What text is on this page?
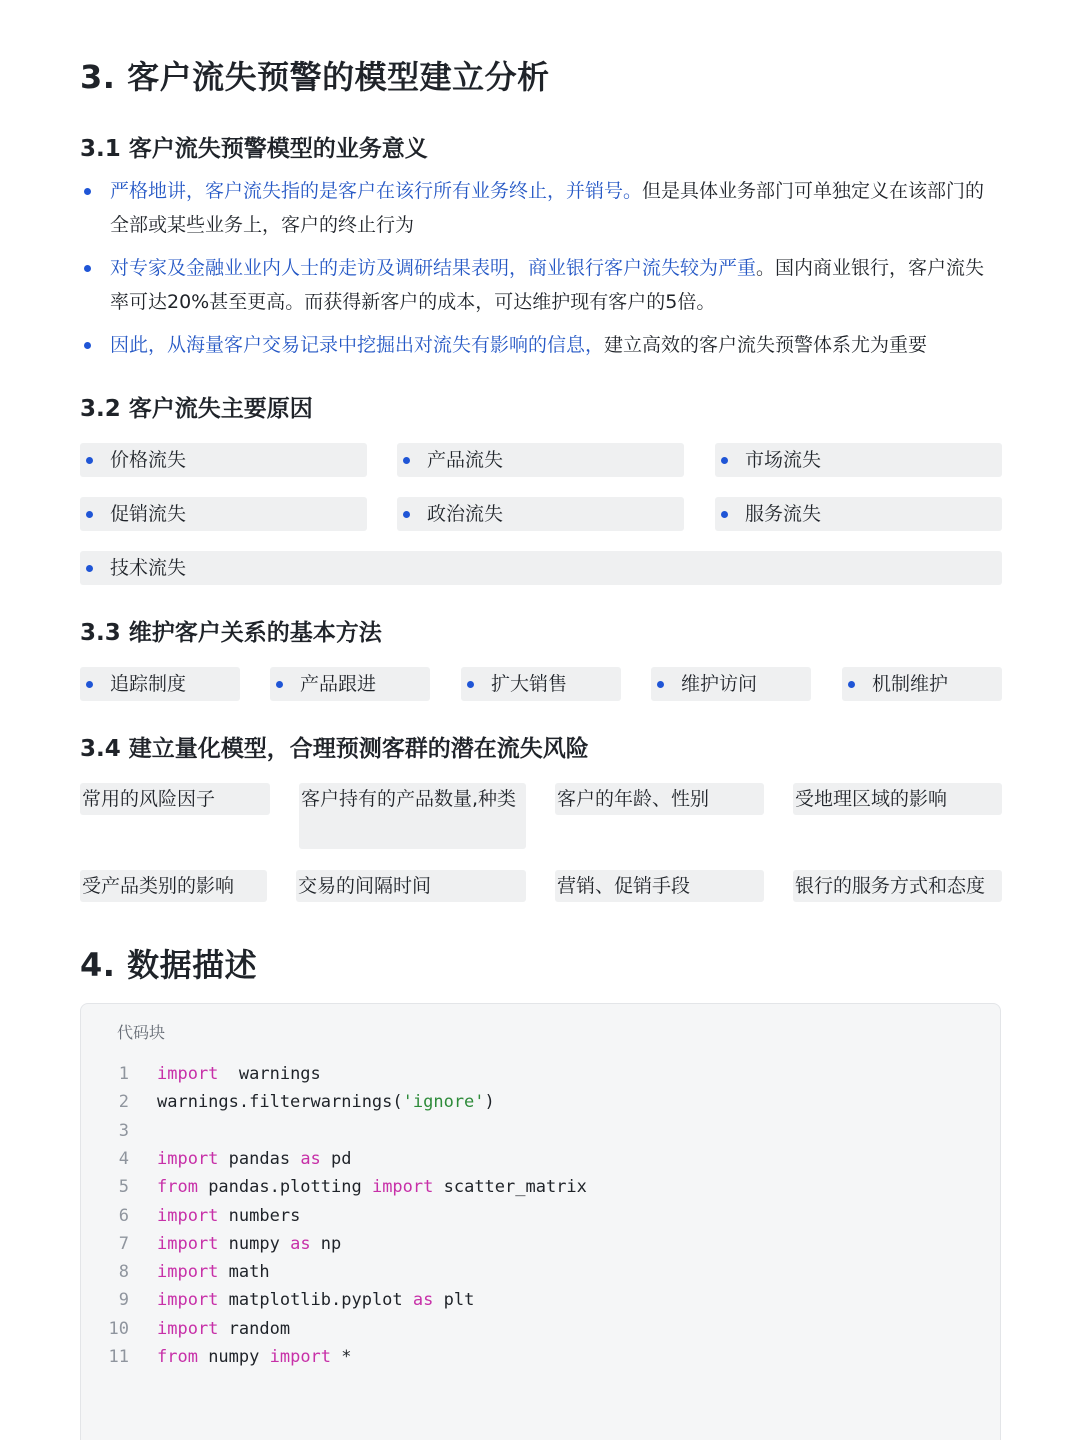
3. 客户流失预警的模型建立分析
3.1 客户流失预警模型的业务意义
严格地讲，客户流失指的是客户在该行所有业务终止，并销号。但是具体业务部门可单独定义在该部门的全部或某些业务上，客户的终止行为
对专家及金融业业内人士的走访及调研结果表明，商业银行客户流失较为严重。国内商业银行，客户流失率可达20%甚至更高。而获得新客户的成本，可达维护现有客户的5倍。
因此，从海量客户交易记录中挖掘出对流失有影响的信息，建立高效的客户流失预警体系尤为重要
3.2 客户流失主要原因
价格流失	产品流失	市场流失
促销流失	政治流失	服务流失
技术流失
3.3 维护客户关系的基本方法
追踪制度	产品跟进	扩大销售	维护访问	机制维护
3.4 建立量化模型，合理预测客群的潜在流失风险
常用的风险因子	客户持有的产品数量,种类	客户的年龄、性别	受地理区域的影响
受产品类别的影响	交易的间隔时间	营销、促销手段	银行的服务方式和态度
4. 数据描述
代码块
1 import  warnings
2 warnings.filterwarnings('ignore')
3
4 import pandas as pd
5 from pandas.plotting import scatter_matrix
6 import numbers
7 import numpy as np
8 import math
9 import matplotlib.pyplot as plt
10 import random
11 from numpy import *
